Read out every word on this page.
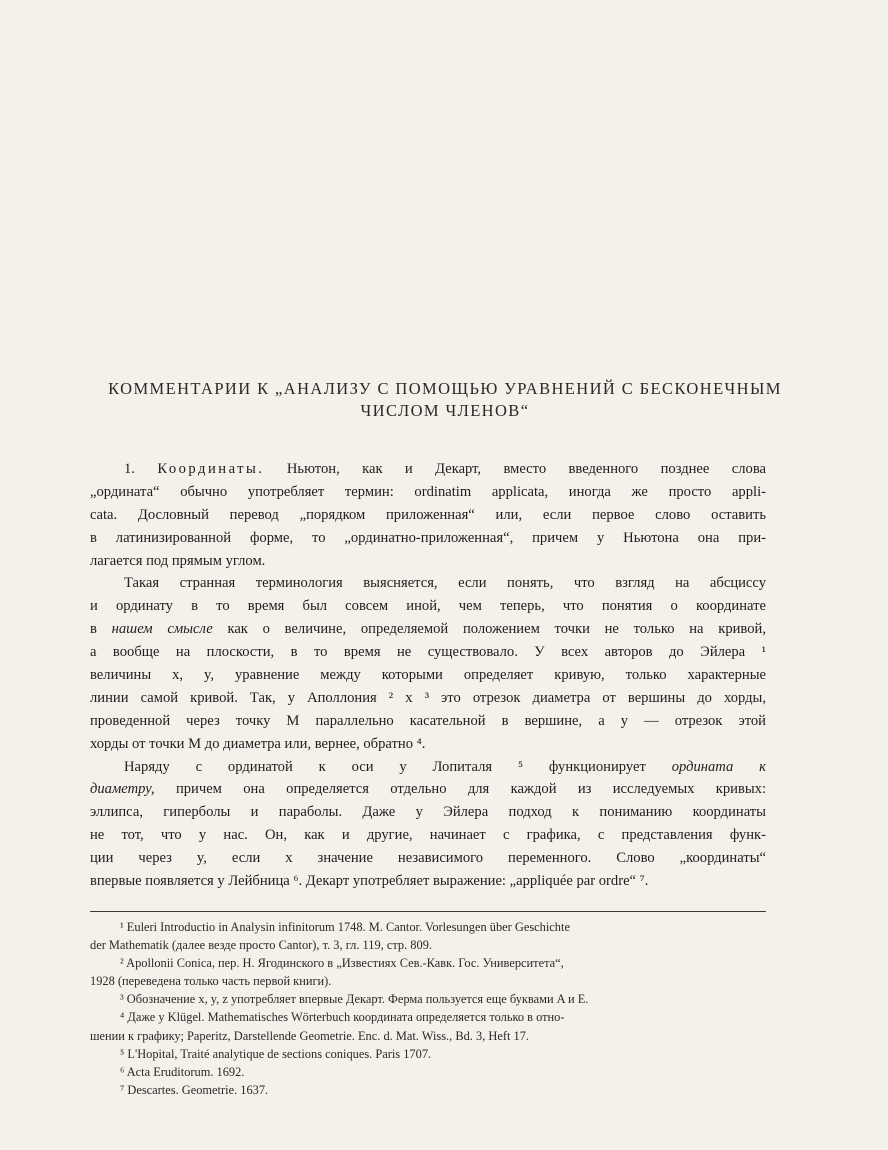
КОММЕНТАРИИ К „АНАЛИЗУ С ПОМОЩЬЮ УРАВНЕНИЙ С БЕСКОНЕЧНЫМ
ЧИСЛОМ ЧЛЕНОВ“
1. Координаты. Ньютон, как и Декарт, вместо введенного позднее слова
„ордината“ обычно употребляет термин: ordinatim applicata, иногда же просто appli-
cata. Дословный перевод „порядком приложенная“ или, если первое слово оставить
в латинизированной форме, то „ординатно-приложенная“, причем у Ньютона она при-
лагается под прямым углом.
Такая странная терминология выясняется, если понять, что взгляд на абсциссу
и ординату в то время был совсем иной, чем теперь, что понятия о координате
в нашем смысле как о величине, определяемой положением точки не только на кривой,
а вообще на плоскости, в то время не существовало. У всех авторов до Эйлера ¹
величины x, y, уравнение между которыми определяет кривую, только характерные
линии самой кривой. Так, у Аполлония ² x ³ это отрезок диаметра от вершины до хорды,
проведенной через точку M параллельно касательной в вершине, а y — отрезок этой
хорды от точки M до диаметра или, вернее, обратно ⁴.
Наряду с ординатой к оси у Лопиталя ⁵ функционирует ордината к
диаметру, причем она определяется отдельно для каждой из исследуемых кривых:
эллипса, гиперболы и параболы. Даже у Эйлера подход к пониманию координаты
не тот, что у нас. Он, как и другие, начинает с графика, с представления функ-
ции через y, если x значение независимого переменного. Слово „координаты“
впервые появляется у Лейбница ⁶. Декарт употребляет выражение: „appliquée par ordre“ ⁷.
¹ Euleri Introductio in Analysin infinitorum 1748. M. Cantor. Vorlesungen über Geschichte
der Mathematik (далее везде просто Cantor), т. 3, гл. 119, стр. 809.
² Apollonii Conica, пер. Н. Ягодинского в „Известиях Сев.-Кавк. Гос. Университета“,
1928 (переведена только часть первой книги).
³ Обозначение x, y, z употребляет впервые Декарт. Ферма пользуется еще буквами A и E.
⁴ Даже у Klügel. Mathematisches Wörterbuch координата определяется только в отно-
шении к графику; Paperitz, Darstellende Geometrie. Enc. d. Mat. Wiss., Bd. 3, Heft 17.
⁵ L'Hopital, Traité analytique de sections coniques. Paris 1707.
⁶ Acta Eruditorum. 1692.
⁷ Descartes. Geometrie. 1637.
